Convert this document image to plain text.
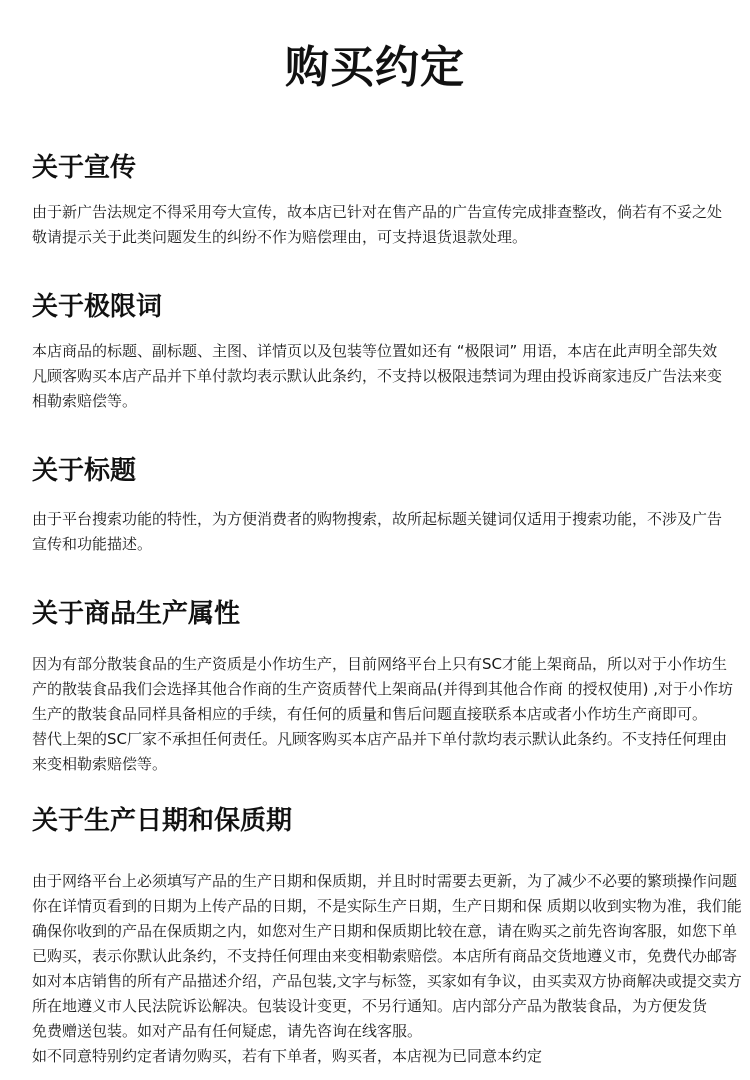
购买约定
关于宣传
由于新广告法规定不得采用夸大宣传，故本店已针对在售产品的广告宣传完成排查整改，倘若有不妥之处
敬请提示关于此类问题发生的纠纷不作为赔偿理由，可支持退货退款处理。
关于极限词
本店商品的标题、副标题、主图、详情页以及包装等位置如还有 “极限词” 用语，本店在此声明全部失效
凡顾客购买本店产品并下单付款均表示默认此条约，不支持以极限违禁词为理由投诉商家违反广告法来变
相勒索赔偿等。
关于标题
由于平台搜索功能的特性，为方便消费者的购物搜索，故所起标题关键词仅适用于搜索功能，不涉及广告
宣传和功能描述。
关于商品生产属性
因为有部分散装食品的生产资质是小作坊生产，目前网络平台上只有SC才能上架商品，所以对于小作坊生
产的散装食品我们会选择其他合作商的生产资质替代上架商品(并得到其他合作商 的授权使用) ,对于小作坊
生产的散装食品同样具备相应的手续，有任何的质量和售后问题直接联系本店或者小作坊生产商即可。
替代上架的SC厂家不承担任何责任。凡顾客购买本店产品并下单付款均表示默认此条约。不支持任何理由
来变相勒索赔偿等。
关于生产日期和保质期
由于网络平台上必须填写产品的生产日期和保质期，并且时时需要去更新，为了减少不必要的繁琐操作问题
你在详情页看到的日期为上传产品的日期，不是实际生产日期，生产日期和保 质期以收到实物为准，我们能
确保你收到的产品在保质期之内，如您对生产日期和保质期比较在意，请在购买之前先咨询客服，如您下单
已购买，表示你默认此条约，不支持任何理由来变相勒索赔偿。本店所有商品交货地遵义市，免费代办邮寄
如对本店销售的所有产品描述介绍，产品包装,文字与标签，买家如有争议，由买卖双方协商解决或提交卖方
所在地遵义市人民法院诉讼解决。包装设计变更，不另行通知。店内部分产品为散装食品，为方便发货
免费赠送包装。如对产品有任何疑虑，请先咨询在线客服。
如不同意特别约定者请勿购买，若有下单者，购买者，本店视为已同意本约定
